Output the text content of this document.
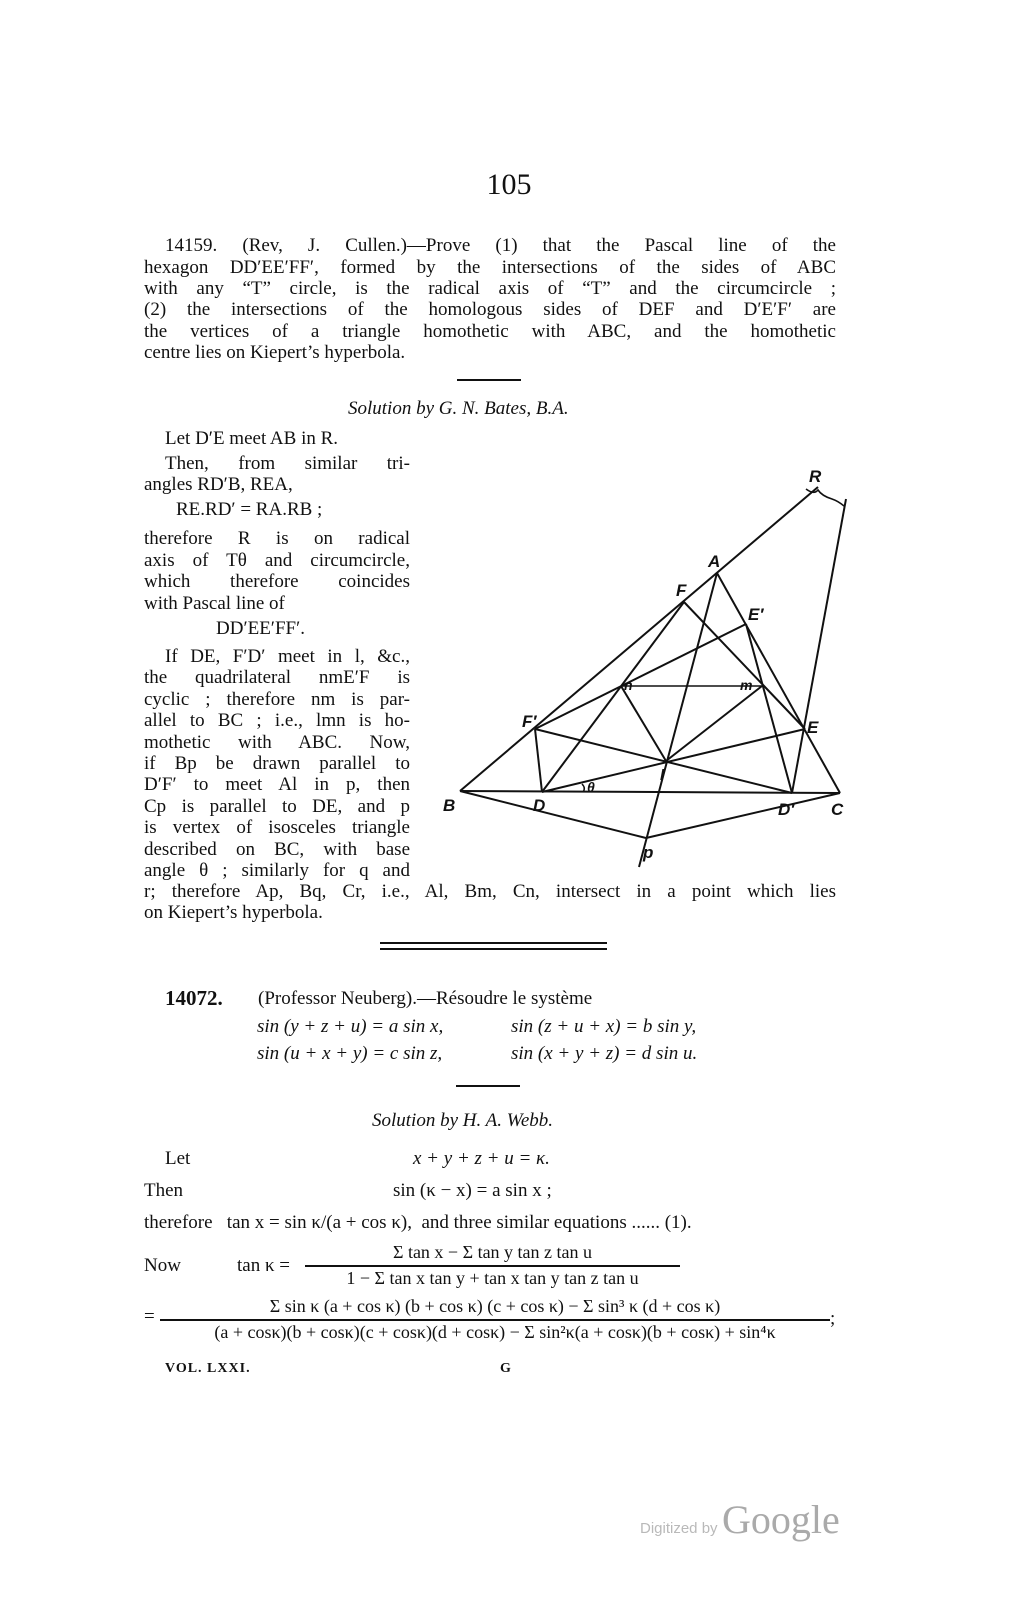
105
14159. (Rev, J. Cullen.)—Prove (1) that the Pascal line of the
hexagon DD′EE′FF′, formed by the intersections of the sides of ABC
with any “T” circle, is the radical axis of “T” and the circumcircle ;
(2) the intersections of the homologous sides of DEF and D′E′F′ are
the vertices of a triangle homothetic with ABC, and the homothetic
centre lies on Kiepert’s hyperbola.
Solution by G. N. Bates, B.A.
Let D′E meet AB in R.
Then, from similar tri-
angles RD′B, REA,
RE.RD′ = RA.RB ;
therefore R is on radical
axis of Tθ and circumcircle,
which therefore coincides
with Pascal line of
DD′EE′FF′.
If DE, F′D′ meet in l, &c.,
the quadrilateral nmE′F is
cyclic ; therefore nm is par-
allel to BC ; i.e., lmn is ho-
mothetic with ABC. Now,
if Bp be drawn parallel to
D′F′ to meet Al in p, then
Cp is parallel to DE, and p
is vertex of isosceles triangle
described on BC, with base
angle θ ; similarly for q and
r; therefore Ap, Bq, Cr, i.e., Al, Bm, Cn, intersect in a point which lies
on Kiepert’s hyperbola.
R
A
F
E′
n	m
F′	E
l
θ
B	D	D′ C
p
14072. (Professor Neuberg).—Résoudre le système
sin (y + z + u) = a sin x,	sin (z + u + x) = b sin y,
sin (u + x + y) = c sin z,	sin (x + y + z) = d sin u.
Solution by H. A. Webb.
Let	x + y + z + u = κ.
Then	sin (κ − x) = a sin x ;
therefore   tan x = sin κ/(a + cos κ),  and three similar equations ...... (1).
Now	tan κ =
Σ tan x − Σ tan y tan z tan u
1 − Σ tan x tan y + tan x tan y tan z tan u
=	Σ sin κ (a + cos κ) (b + cos κ) (c + cos κ) − Σ sin³ κ (d + cos κ)
(a + cosκ)(b + cosκ)(c + cosκ)(d + cosκ) − Σ sin²κ(a + cosκ)(b + cosκ) + sin⁴κ
;
VOL. LXXI.	G
Digitized by Google
